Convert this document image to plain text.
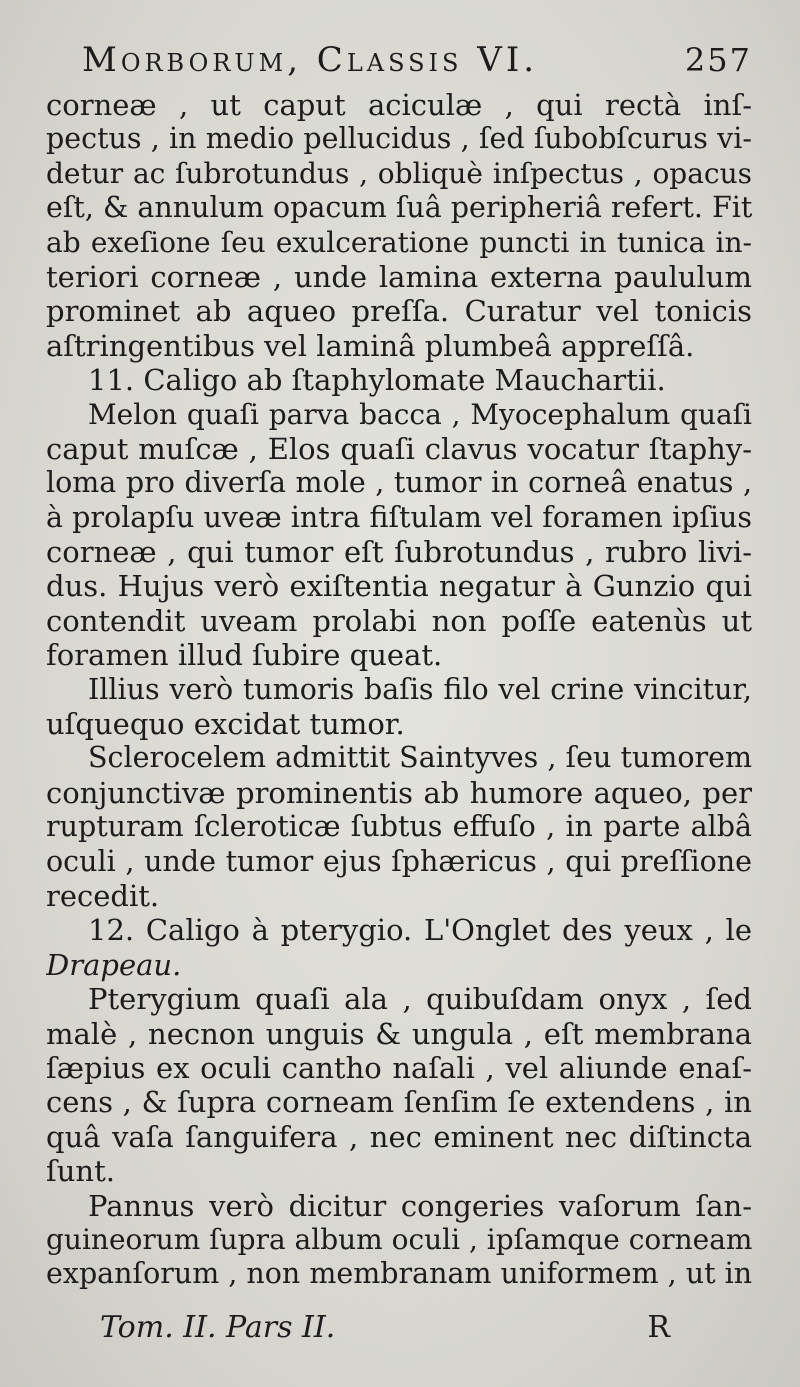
Morborum, Classis VI.	257
corneæ , ut caput aciculæ , qui rectà inſ-
pectus , in medio pellucidus , ſed ſubobſcurus vi-
detur ac ſubrotundus , obliquè inſpectus , opacus
eſt, & annulum opacum ſuâ peripheriâ refert. Fit
ab exeſione ſeu exulceratione puncti in tunica in-
teriori corneæ , unde lamina externa paululum
prominet ab aqueo preſſa. Curatur vel tonicis
aſtringentibus vel laminâ plumbeâ appreſſâ.
11. Caligo ab ſtaphylomate Mauchartii.
Melon quaſi parva bacca , Myocephalum quaſi
caput muſcæ , Elos quaſi clavus vocatur ſtaphy-
loma pro diverſa mole , tumor in corneâ enatus ,
à prolapſu uveæ intra fiſtulam vel foramen ipſius
corneæ , qui tumor eſt ſubrotundus , rubro livi-
dus. Hujus verò exiſtentia negatur à Gunzio qui
contendit uveam prolabi non poſſe eatenùs ut
foramen illud ſubire queat.
Illius verò tumoris baſis filo vel crine vincitur,
uſquequo excidat tumor.
Sclerocelem admittit Saintyves , ſeu tumorem
conjunctivæ prominentis ab humore aqueo, per
rupturam ſcleroticæ ſubtus effuſo , in parte albâ
oculi , unde tumor ejus ſphæricus , qui preſſione
recedit.
12. Caligo à pterygio. L'Onglet des yeux , le
Drapeau.
Pterygium quaſi ala , quibuſdam onyx , ſed
malè , necnon unguis & ungula , eſt membrana
ſæpius ex oculi cantho naſali , vel aliunde enaſ-
cens , & ſupra corneam ſenſim ſe extendens , in
quâ vaſa ſanguifera , nec eminent nec diſtincta
ſunt.
Pannus verò dicitur congeries vaſorum ſan-
guineorum ſupra album oculi , ipſamque corneam
expanſorum , non membranam uniformem , ut in
Tom. II. Pars II.	R
